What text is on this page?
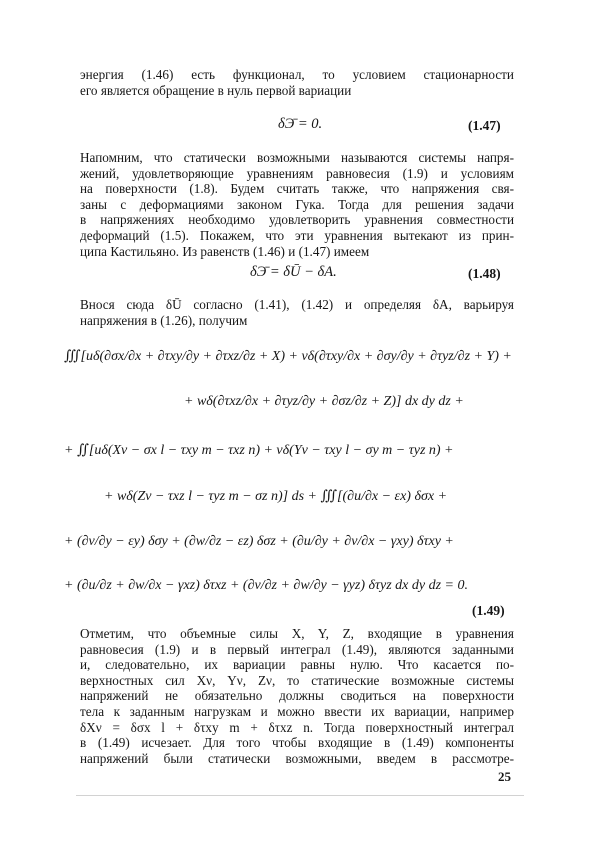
энергия (1.46) есть функционал, то условием стационарности
его является обращение в нуль первой вариации
δЭ̄ = 0.	(1.47)
Напомним, что статически возможными называются системы напря-
жений, удовлетворяющие уравнениям равновесия (1.9) и условиям
на поверхности (1.8). Будем считать также, что напряжения свя-
заны с деформациями законом Гука. Тогда для решения задачи
в напряжениях необходимо удовлетворить уравнения совместности
деформаций (1.5). Покажем, что эти уравнения вытекают из прин-
ципа Кастильяно. Из равенств (1.46) и (1.47) имеем
δЭ̄ = δŪ − δA.	(1.48)
Внося сюда δŪ согласно (1.41), (1.42) и определяя δA, варьируя
напряжения в (1.26), получим
∭[uδ(∂σx/∂x + ∂τxy/∂y + ∂τxz/∂z + X) + vδ(∂τxy/∂x + ∂σy/∂y + ∂τyz/∂z + Y) +
+ wδ(∂τxz/∂x + ∂τyz/∂y + ∂σz/∂z + Z)] dx dy dz +
+ ∬[uδ(Xν − σx l − τxy m − τxz n) + vδ(Yν − τxy l − σy m − τyz n) +
+ wδ(Zν − τxz l − τyz m − σz n)] ds + ∭[(∂u/∂x − εx) δσx +
+ (∂v/∂y − εy) δσy + (∂w/∂z − εz) δσz + (∂u/∂y + ∂v/∂x − γxy) δτxy +
+ (∂u/∂z + ∂w/∂x − γxz) δτxz + (∂v/∂z + ∂w/∂y − γyz) δτyz dx dy dz = 0.
(1.49)
Отметим, что объемные силы X, Y, Z, входящие в уравнения
равновесия (1.9) и в первый интеграл (1.49), являются заданными
и, следовательно, их вариации равны нулю. Что касается по-
верхностных сил Xν, Yν, Zν, то статические возможные системы
напряжений не обязательно должны сводиться на поверхности
тела к заданным нагрузкам и можно ввести их вариации, например
δXν = δσx l + δτxy m + δτxz n. Тогда поверхностный интеграл
в (1.49) исчезает. Для того чтобы входящие в (1.49) компоненты
напряжений были статически возможными, введем в рассмотре-
25
